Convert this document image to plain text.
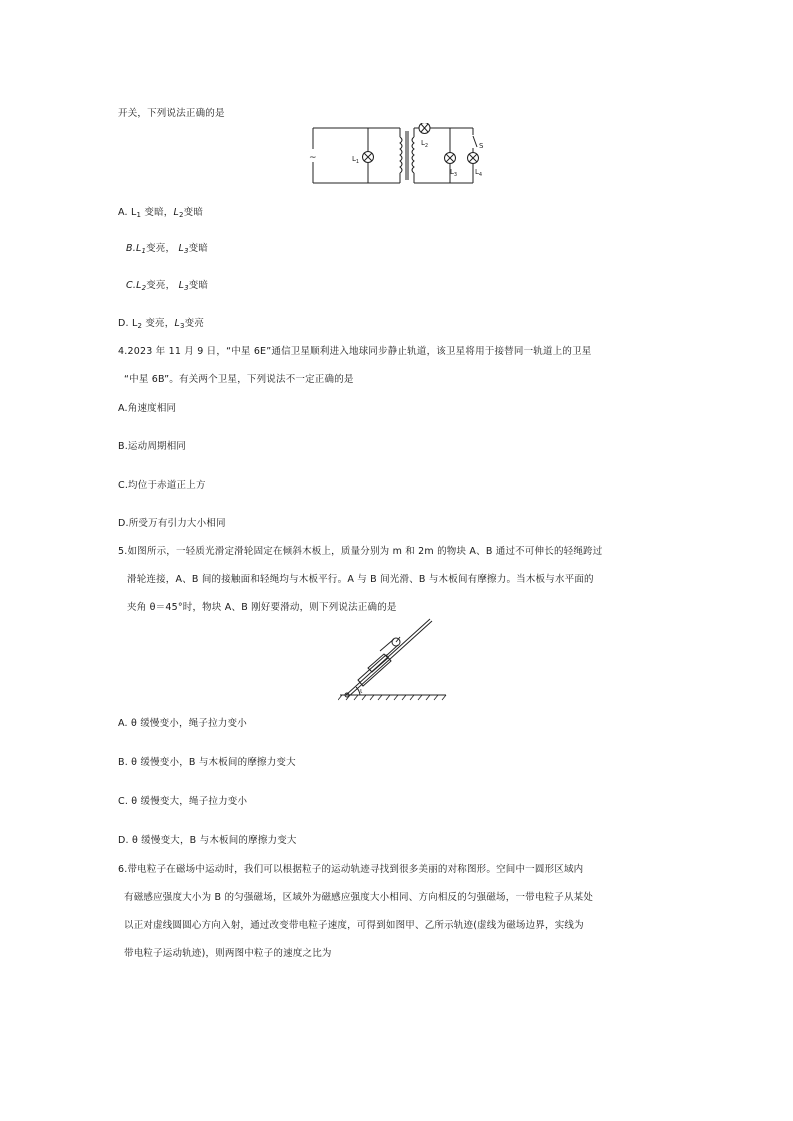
开关，下列说法正确的是
~	$L_1$
$L_2$
$L_3$	$L_4$
S
A. $L_1$ 变暗，$L_2$变暗
$B.L_1$变亮， $L_3$变暗
$C.L_2$变亮， $L_3$变暗
D. $L_2$ 变亮，$L_3$变亮
4.2023 年 11 月 9 日，“中星 6E”通信卫星顺利进入地球同步静止轨道，该卫星将用于接替同一轨道上的卫星
“中星 6B”。有关两个卫星，下列说法不一定正确的是
A.角速度相同
B.运动周期相同
C.均位于赤道正上方
D.所受万有引力大小相同
5.如图所示，一轻质光滑定滑轮固定在倾斜木板上，质量分别为 m 和 2m 的物块 A、B 通过不可伸长的轻绳跨过
滑轮连接，A、B 间的接触面和轻绳均与木板平行。A 与 B 间光滑、B 与木板间有摩擦力。当木板与水平面的
夹角 θ＝45°时，物块 A、B 刚好要滑动，则下列说法正确的是
ι
A. θ 缓慢变小，绳子拉力变小
B. θ 缓慢变小，B 与木板间的摩擦力变大
C. θ 缓慢变大，绳子拉力变小
D. θ 缓慢变大，B 与木板间的摩擦力变大
6.带电粒子在磁场中运动时，我们可以根据粒子的运动轨迹寻找到很多美丽的对称图形。空间中一圆形区域内
有磁感应强度大小为 B 的匀强磁场，区域外为磁感应强度大小相同、方向相反的匀强磁场，一带电粒子从某处
以正对虚线圆圆心方向入射，通过改变带电粒子速度，可得到如图甲、乙所示轨迹(虚线为磁场边界，实线为
带电粒子运动轨迹)，则两图中粒子的速度之比为
